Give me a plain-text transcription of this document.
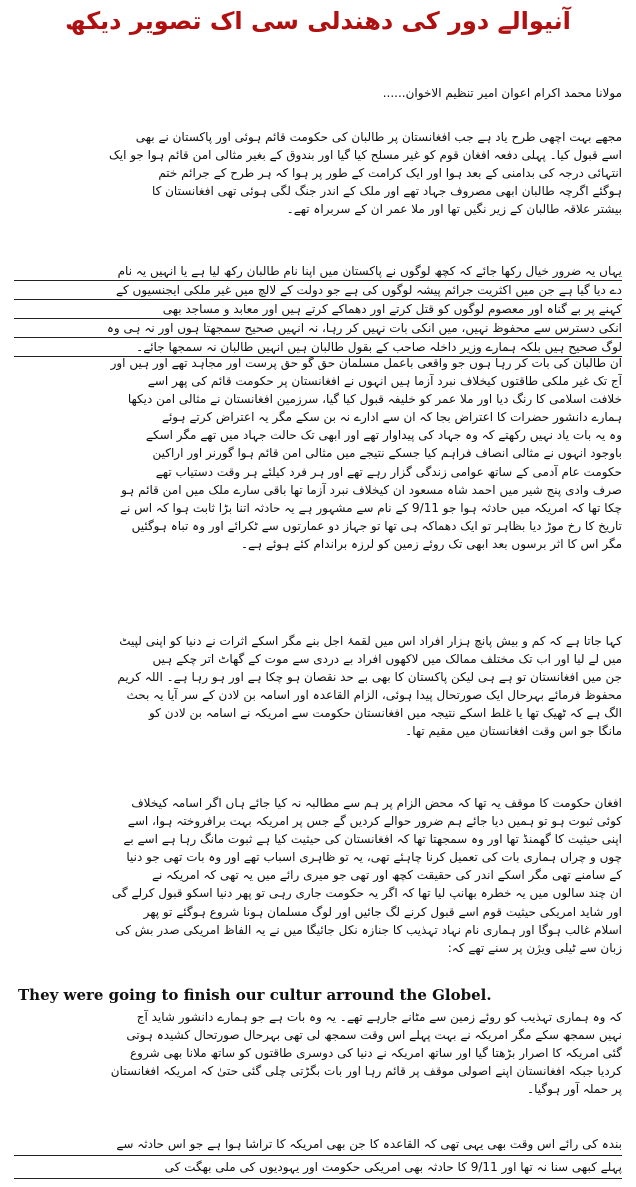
آنیوالے دور کی دھندلی سی اک تصویر دیکھ
مولانا محمد اکرام اعوان امیر تنظیم الاخوان......
مجھے بہت اچھی طرح یاد ہے جب افغانستان پر طالبان کی حکومت قائم ہوئی اور پاکستان نے بھی
اسے قبول کیا۔ پہلی دفعہ افغان قوم کو غیر مسلح کیا گیا اور بندوق کے بغیر مثالی امن قائم ہوا جو ایک
انتہائی درجہ کی بدامنی کے بعد ہوا اور ایک کرامت کے طور پر ہوا کہ ہر طرح کے جرائم ختم
ہوگئے اگرچہ طالبان ابھی مصروف جہاد تھے اور ملک کے اندر جنگ لگی ہوئی تھی افغانستان کا
بیشتر علاقہ طالبان کے زیر نگیں تھا اور ملا عمر ان کے سربراہ تھے۔
یہاں یہ ضرور خیال رکھا جائے کہ کچھ لوگوں نے پاکستان میں اپنا نام طالبان رکھ لیا ہے یا انہیں یہ نام
دے دیا گیا ہے جن میں اکثریت جرائم پیشہ لوگوں کی ہے جو دولت کے لالچ میں غیر ملکی ایجنسیوں کے
کہنے پر بے گناہ اور معصوم لوگوں کو قتل کرتے اور دھماکے کرتے ہیں اور معابد و مساجد بھی
انکی دسترس سے محفوظ نہیں، میں انکی بات نہیں کر رہا، نہ انہیں صحیح سمجھتا ہوں اور نہ ہی وہ
لوگ صحیح ہیں بلکہ ہمارے وزیر داخلہ صاحب کے بقول طالبان ہیں انہیں طالبان نہ سمجھا جائے۔
ان طالبان کی بات کر رہا ہوں جو واقعی باعمل مسلمان حق گو حق پرست اور مجاہد تھے اور ہیں اور
آج تک غیر ملکی طاقتوں کیخلاف نبرد آزما ہیں انہوں نے افغانستان پر حکومت قائم کی پھر اسے
خلافت اسلامی کا رنگ دیا اور ملا عمر کو خلیفہ قبول کیا گیا، سرزمین افغانستان نے مثالی امن دیکھا
ہمارے دانشور حضرات کا اعتراض بجا کہ ان سے ادارے نہ بن سکے مگر یہ اعتراض کرتے ہوئے
وہ یہ بات یاد نہیں رکھتے کہ وہ جہاد کی پیداوار تھے اور ابھی تک حالت جہاد میں تھے مگر اسکے
باوجود انہوں نے مثالی انصاف فراہم کیا جسکے نتیجے میں مثالی امن قائم ہوا گورنر اور اراکین
حکومت عام آدمی کے ساتھ عوامی زندگی گزار رہے تھے اور ہر فرد کیلئے ہر وقت دستیاب تھے
صرف وادی پنج شیر میں احمد شاہ مسعود ان کیخلاف نبرد آزما تھا باقی سارے ملک میں امن قائم ہو
چکا تھا کہ امریکہ میں حادثہ ہوا جو 9/11 کے نام سے مشہور ہے یہ حادثہ اتنا بڑا ثابت ہوا کہ اس نے
تاریخ کا رخ موڑ دیا بظاہر تو ایک دھماکہ ہی تھا تو جہاز دو عمارتوں سے ٹکرائے اور وہ تباہ ہوگئیں
مگر اس کا اثر برسوں بعد ابھی تک روئے زمین کو لرزہ براندام کئے ہوئے ہے۔
کہا جاتا ہے کہ کم و بیش پانچ ہزار افراد اس میں لقمۂ اجل بنے مگر اسکے اثرات نے دنیا کو اپنی لپیٹ
میں لے لیا اور اب تک مختلف ممالک میں لاکھوں افراد بے دردی سے موت کے گھاٹ اتر چکے ہیں
جن میں افغانستان تو ہے ہی لیکن پاکستان کا بھی بے حد نقصان ہو چکا ہے اور ہو رہا ہے۔ اللہ کریم
محفوظ فرمائے بہرحال ایک صورتحال پیدا ہوئی، الزام القاعدہ اور اسامہ بن لادن کے سر آیا یہ بحث
الگ ہے کہ ٹھیک تھا یا غلط اسکے نتیجہ میں افغانستان حکومت سے امریکہ نے اسامہ بن لادن کو
مانگا جو اس وقت افغانستان میں مقیم تھا۔
افغان حکومت کا موقف یہ تھا کہ محض الزام پر ہم سے مطالبہ نہ کیا جائے ہاں اگر اسامہ کیخلاف
کوئی ثبوت ہو تو ہمیں دیا جائے ہم ضرور حوالے کردیں گے جس پر امریکہ بہت برافروختہ ہوا، اسے
اپنی حیثیت کا گھمنڈ تھا اور وہ سمجھتا تھا کہ افغانستان کی حیثیت کیا ہے ثبوت مانگ رہا ہے اسے بے
چوں و چراں ہماری بات کی تعمیل کرنا چاہئے تھی، یہ تو ظاہری اسباب تھے اور وہ بات تھی جو دنیا
کے سامنے تھی مگر اسکے اندر کی حقیقت کچھ اور تھی جو میری رائے میں یہ تھی کہ امریکہ نے
ان چند سالوں میں یہ خطرہ بھانپ لیا تھا کہ اگر یہ حکومت جاری رہی تو پھر دنیا اسکو قبول کرلے گی
اور شاید امریکی حیثیت قوم اسے قبول کرنے لگ جائیں اور لوگ مسلمان ہونا شروع ہوگئے تو پھر
اسلام غالب ہوگا اور ہماری نام نہاد تہذیب کا جنازہ نکل جائیگا میں نے یہ الفاظ امریکی صدر بش کی
زبان سے ٹیلی ویژن پر سنے تھے کہ:
They were going to finish our cultur arround the Globel.
کہ وہ ہماری تہذیب کو روئے زمین سے مٹانے جارہے تھے۔ یہ وہ بات ہے جو ہمارے دانشور شاید آج
نہیں سمجھ سکے مگر امریکہ نے بہت پہلے اس وقت سمجھ لی تھی بہرحال صورتحال کشیدہ ہوتی
گئی امریکہ کا اصرار بڑھتا گیا اور ساتھ امریکہ نے دنیا کی دوسری طاقتوں کو ساتھ ملانا بھی شروع
کردیا جبکہ افغانستان اپنے اصولی موقف پر قائم رہا اور بات بگڑتی چلی گئی حتیٰ کہ امریکہ افغانستان
پر حملہ آور ہوگیا۔
بندہ کی رائے اس وقت بھی یہی تھی کہ القاعدہ کا جن بھی امریکہ کا تراشا ہوا ہے جو اس حادثہ سے
پہلے کبھی سنا نہ تھا اور 9/11 کا حادثہ بھی امریکی حکومت اور یہودیوں کی ملی بھگت کی
